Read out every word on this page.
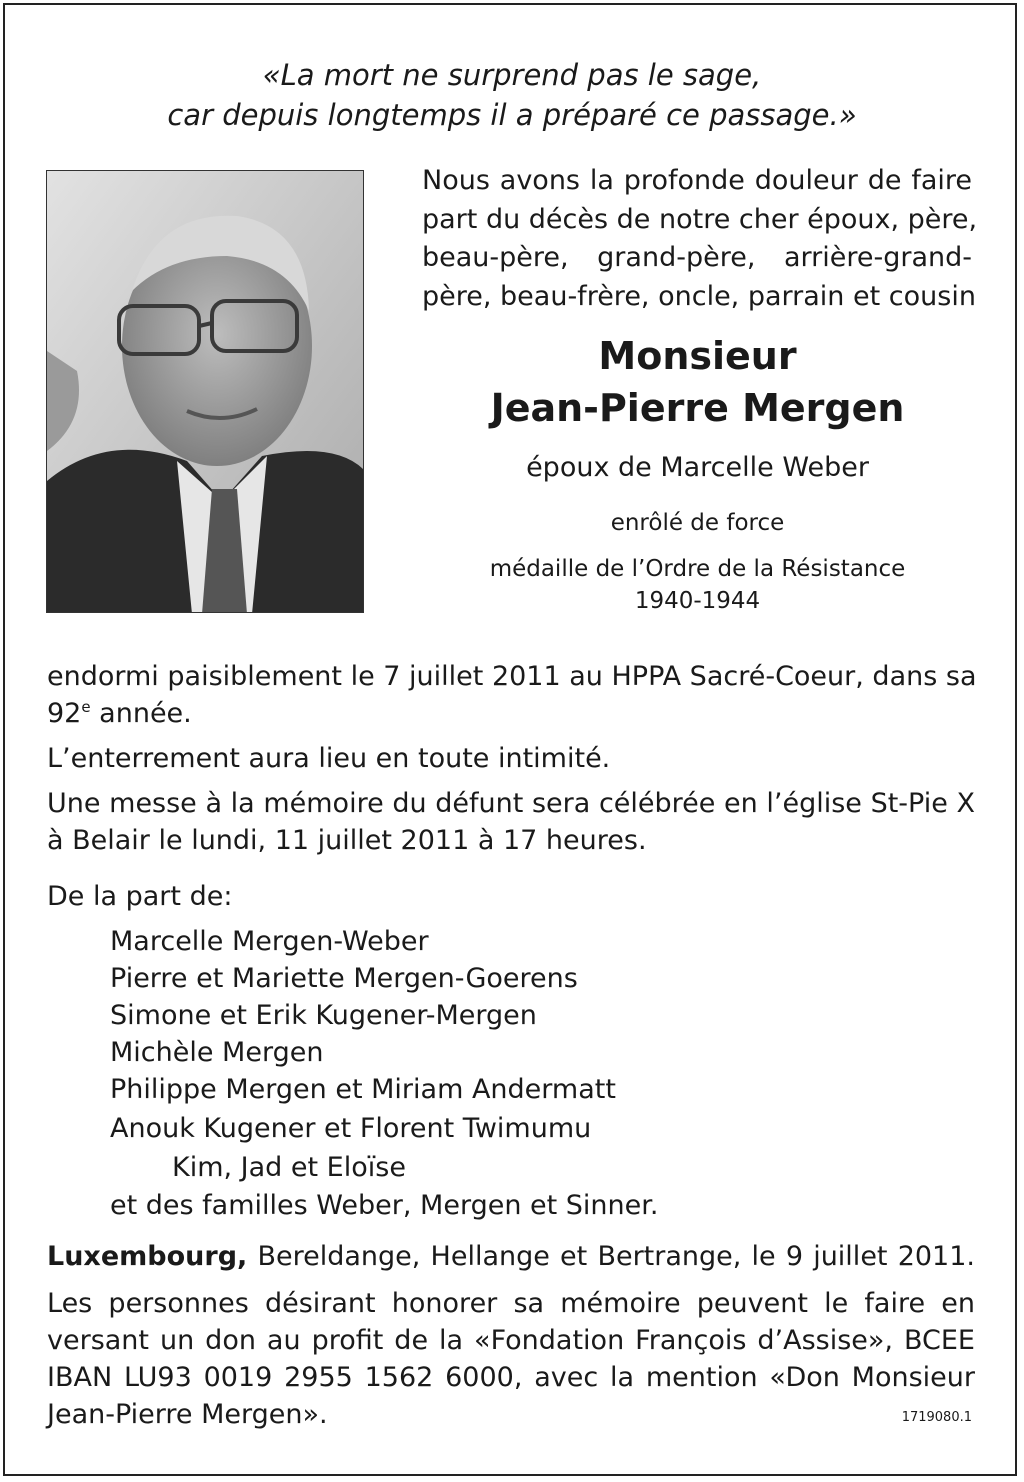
«La mort ne surprend pas le sage,
car depuis longtemps il a préparé ce passage.»
Nous avons la profonde douleur de faire
part du décès de notre cher époux, père,
beau-père, grand-père, arrière-grand-
père, beau-frère, oncle, parrain et cousin
Monsieur
Jean-Pierre Mergen
époux de Marcelle Weber
enrôlé de force
médaille de l’Ordre de la Résistance
1940-1944
endormi paisiblement le 7 juillet 2011 au HPPA Sacré-Coeur, dans sa
92e année.
L’enterrement aura lieu en toute intimité.
Une messe à la mémoire du défunt sera célébrée en l’église St-Pie X
à Belair le lundi, 11 juillet 2011 à 17 heures.
De la part de:
Marcelle Mergen-Weber
Pierre et Mariette Mergen-Goerens
Simone et Erik Kugener-Mergen
Michèle Mergen
Philippe Mergen et Miriam Andermatt
Anouk Kugener et Florent Twimumu
Kim, Jad et Eloïse
et des familles Weber, Mergen et Sinner.
Luxembourg, Bereldange, Hellange et Bertrange, le 9 juillet 2011.
Les personnes désirant honorer sa mémoire peuvent le faire en
versant un don au profit de la «Fondation François d’Assise», BCEE
IBAN LU93 0019 2955 1562 6000, avec la mention «Don Monsieur
Jean-Pierre Mergen».	1719080.1
